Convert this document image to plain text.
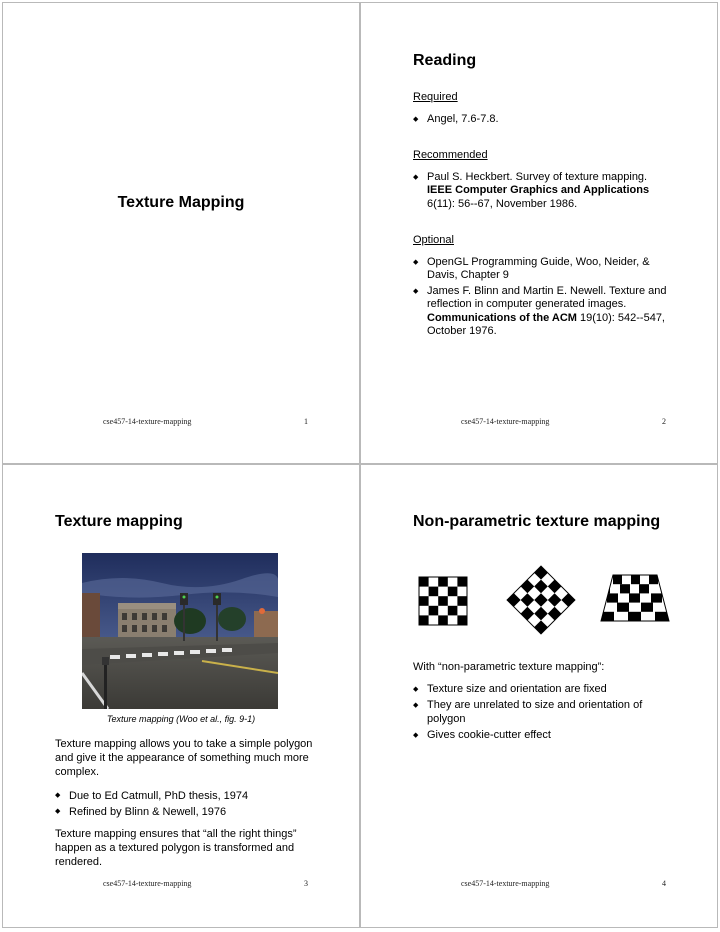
Texture Mapping
cse457-14-texture-mapping	1
Reading

Required

◆ Angel, 7.6-7.8.

Recommended

◆ Paul S. Heckbert. Survey of texture mapping. IEEE Computer Graphics and Applications 6(11): 56--67, November 1986.

Optional

◆ OpenGL Programming Guide, Woo, Neider, & Davis, Chapter 9
◆ James F. Blinn and Martin E. Newell. Texture and reflection in computer generated images. Communications of the ACM 19(10): 542--547, October 1976.
cse457-14-texture-mapping	2
Texture mapping
Texture mapping (Woo et al., fig. 9-1)
Texture mapping allows you to take a simple polygon and give it the appearance of something much more complex.
◆ Due to Ed Catmull, PhD thesis, 1974
◆ Refined by Blinn & Newell, 1976
Texture mapping ensures that “all the right things” happen as a textured polygon is transformed and rendered.
cse457-14-texture-mapping	3
Non-parametric texture mapping
With “non-parametric texture mapping”:
◆ Texture size and orientation are fixed
◆ They are unrelated to size and orientation of polygon
◆ Gives cookie-cutter effect
cse457-14-texture-mapping	4
